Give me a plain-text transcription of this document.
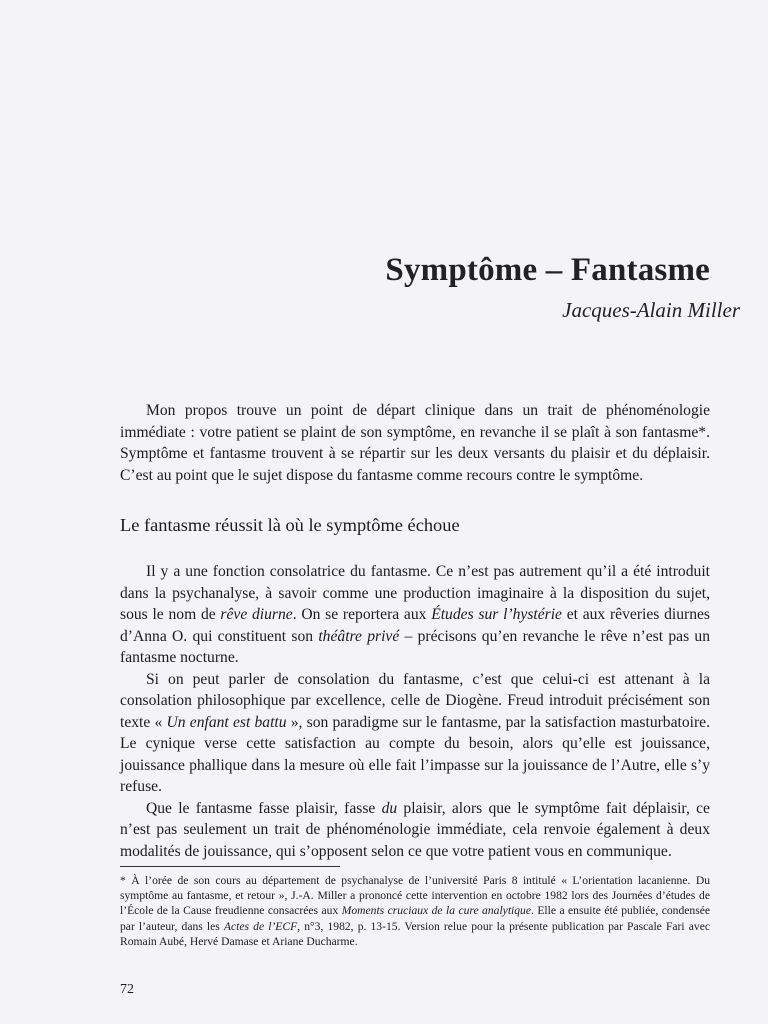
Symptôme – Fantasme

Jacques-Alain Miller

Mon propos trouve un point de départ clinique dans un trait de phénoménologie immédiate : votre patient se plaint de son symptôme, en revanche il se plaît à son fantasme*. Symptôme et fantasme trouvent à se répartir sur les deux versants du plaisir et du déplaisir. C’est au point que le sujet dispose du fantasme comme recours contre le symptôme.

Le fantasme réussit là où le symptôme échoue

Il y a une fonction consolatrice du fantasme. Ce n’est pas autrement qu’il a été introduit dans la psychanalyse, à savoir comme une production imaginaire à la disposition du sujet, sous le nom de rêve diurne. On se reportera aux Études sur l’hystérie et aux rêveries diurnes d’Anna O. qui constituent son théâtre privé – précisons qu’en revanche le rêve n’est pas un fantasme nocturne.

Si on peut parler de consolation du fantasme, c’est que celui-ci est attenant à la consolation philosophique par excellence, celle de Diogène. Freud introduit précisément son texte « Un enfant est battu », son paradigme sur le fantasme, par la satisfaction masturbatoire. Le cynique verse cette satisfaction au compte du besoin, alors qu’elle est jouissance, jouissance phallique dans la mesure où elle fait l’impasse sur la jouissance de l’Autre, elle s’y refuse.

Que le fantasme fasse plaisir, fasse du plaisir, alors que le symptôme fait déplaisir, ce n’est pas seulement un trait de phénoménologie immédiate, cela renvoie également à deux modalités de jouissance, qui s’opposent selon ce que votre patient vous en communique.

* À l’orée de son cours au département de psychanalyse de l’université Paris 8 intitulé « L’orientation lacanienne. Du symptôme au fantasme, et retour », J.-A. Miller a prononcé cette intervention en octobre 1982 lors des Journées d’études de l’École de la Cause freudienne consacrées aux Moments cruciaux de la cure analytique. Elle a ensuite été publiée, condensée par l’auteur, dans les Actes de l’ECF, n°3, 1982, p. 13-15. Version relue pour la présente publication par Pascale Fari avec Romain Aubé, Hervé Damase et Ariane Ducharme.

72
